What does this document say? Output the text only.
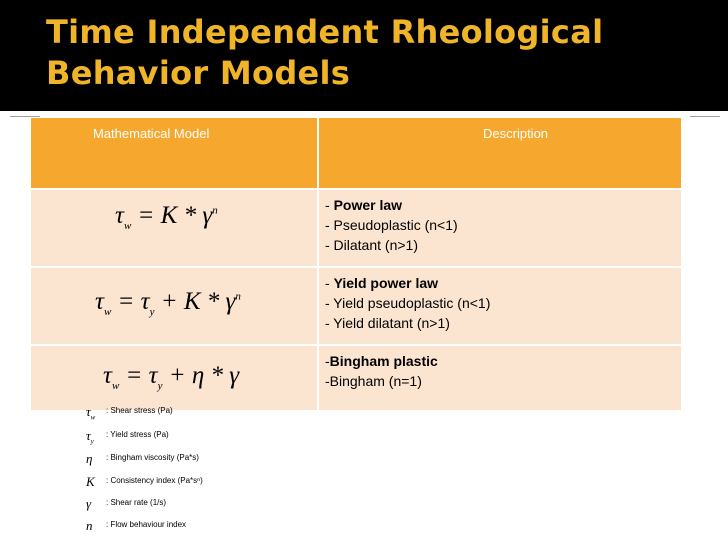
Time Independent Rheological
Behavior Models
Mathematical Model	Description
$\tau_w = K * \gamma^n$	- Power law
- Pseudoplastic (n<1)
- Dilatant (n>1)
$\tau_w = \tau_y + K * \gamma^n$
- Yield power law
- Yield pseudoplastic (n<1)
- Yield dilatant (n>1)
$\tau_w = \tau_y + \eta * \gamma$
-Bingham plastic
-Bingham (n=1)
$\tau_w$
: Shear stress (Pa)
$\tau_y$
: Yield stress (Pa)
η : Bingham viscosity (Pa*s)
K : Consistency index (Pa*sⁿ)
γ : Shear rate (1/s)
n : Flow behaviour index
